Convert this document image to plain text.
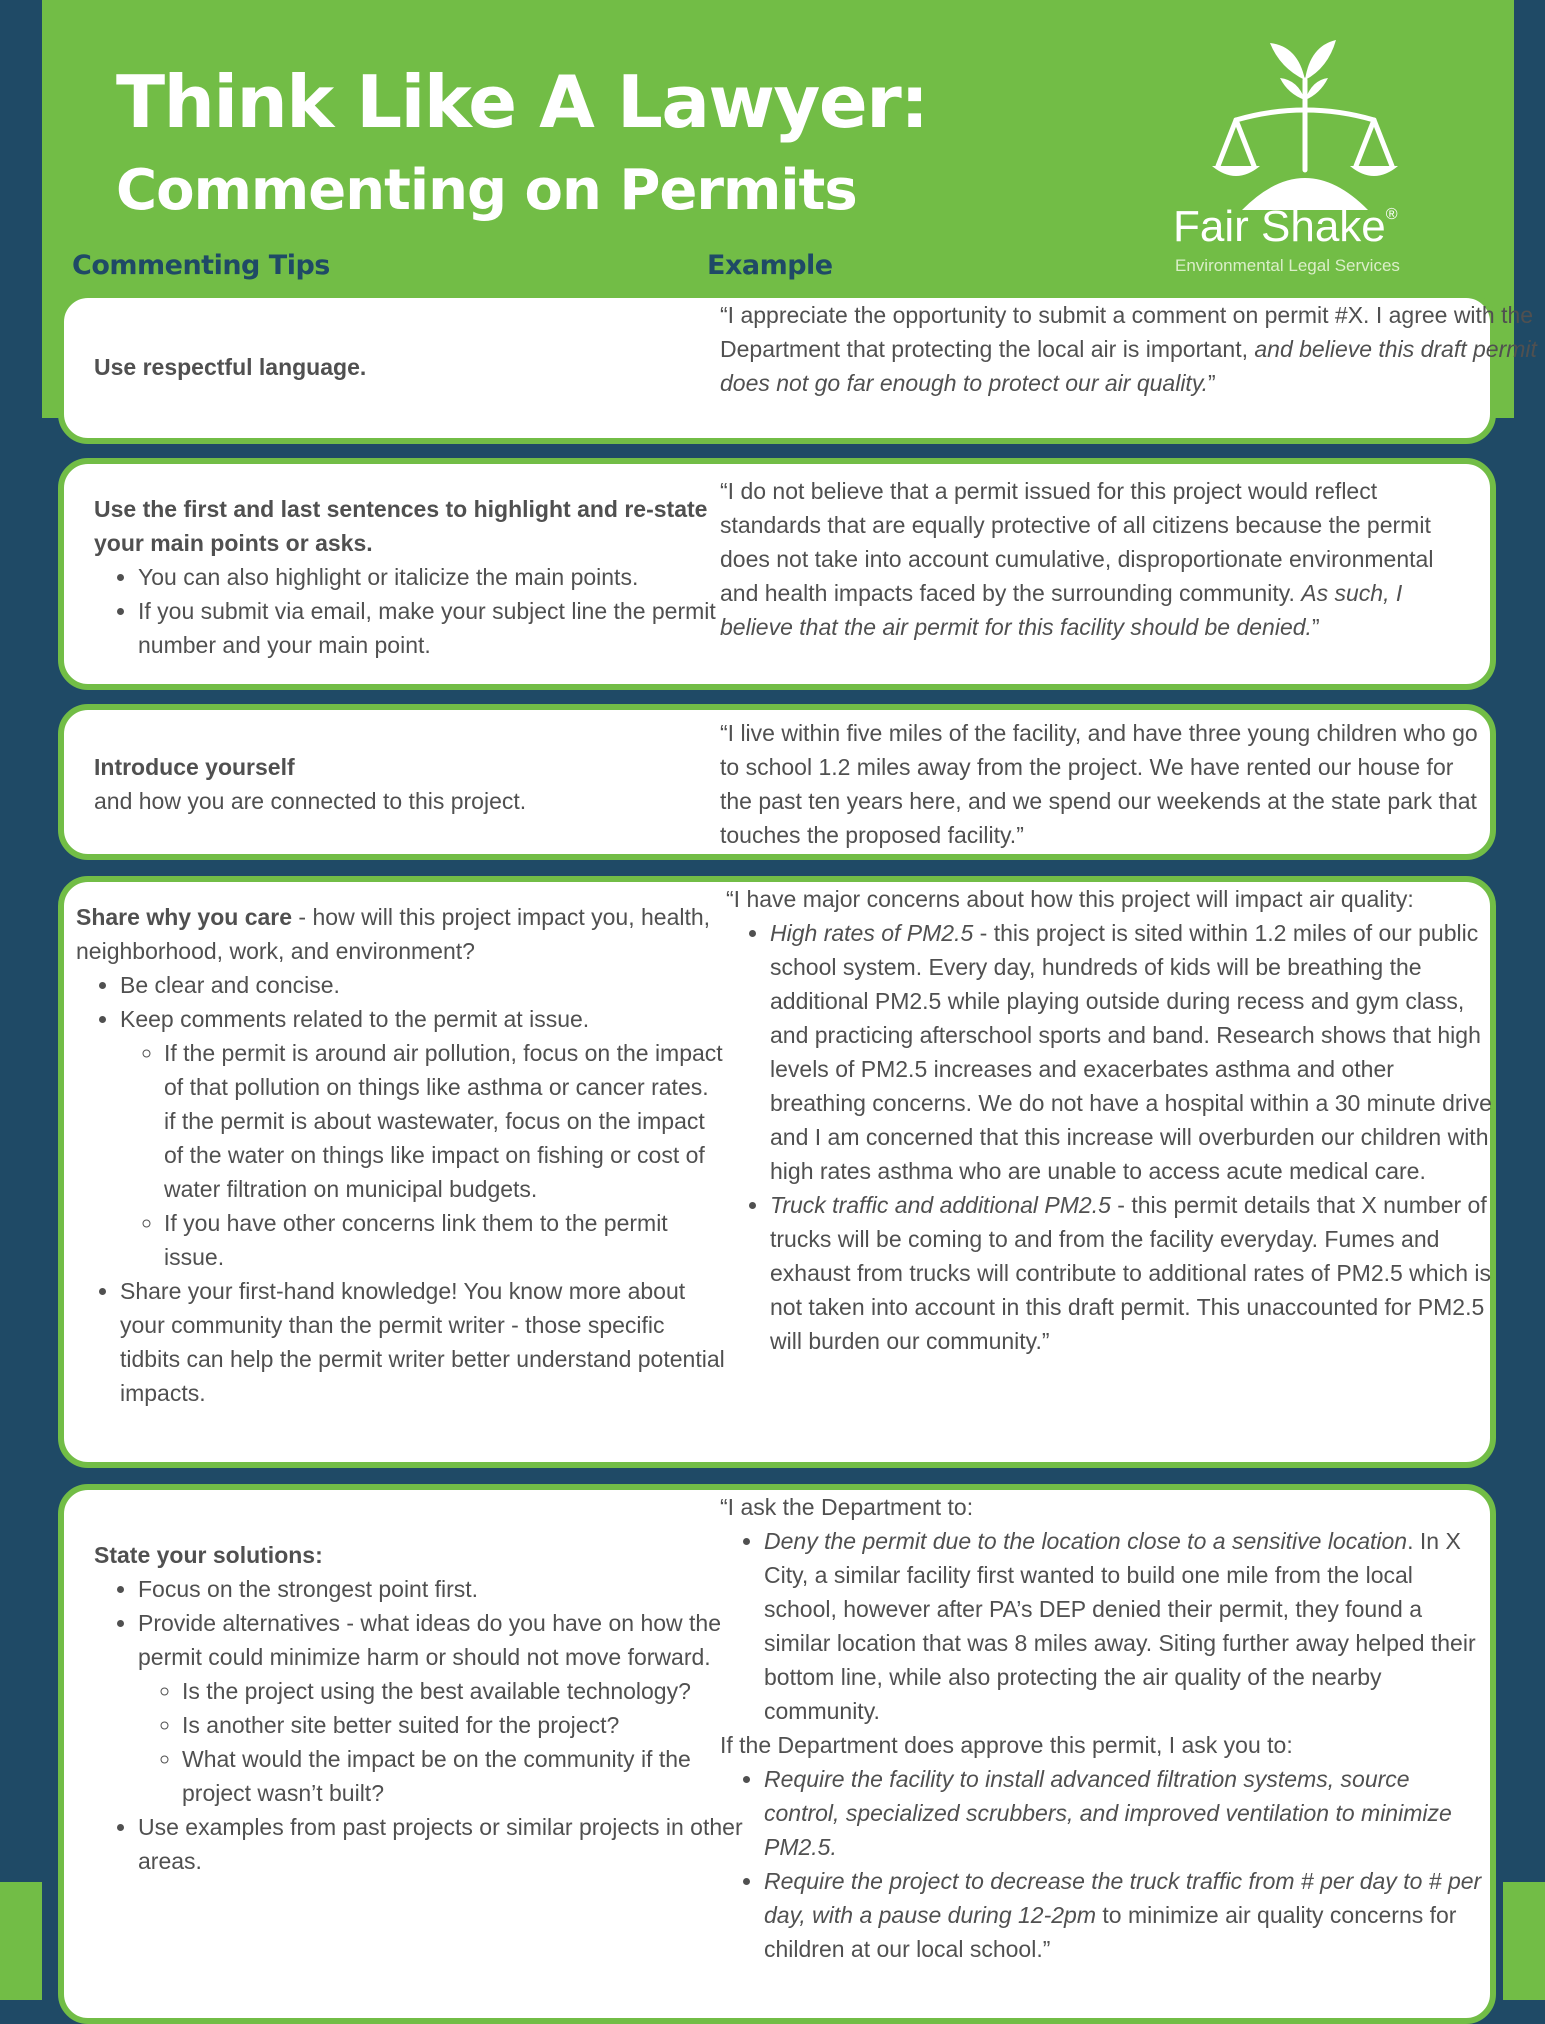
Think Like A Lawyer:
Commenting on Permits
Fair Shake®
Environmental Legal Services
Commenting Tips	Example

Use respectful language.

“I appreciate the opportunity to submit a comment on permit #X. I agree with the Department that protecting the local air is important, and believe this draft permit does not go far enough to protect our air quality.”

Use the first and last sentences to highlight and re-state your main points or asks.

• You can also highlight or italicize the main points.
• If you submit via email, make your subject line the permit number and your main point.

“I do not believe that a permit issued for this project would reflect standards that are equally protective of all citizens because the permit does not take into account cumulative, disproportionate environmental and health impacts faced by the surrounding community. As such, I believe that the air permit for this facility should be denied.”

Introduce yourself

and how you are connected to this project.

“I live within five miles of the facility, and have three young children who go to school 1.2 miles away from the project. We have rented our house for the past ten years here, and we spend our weekends at the state park that touches the proposed facility.”

Share why you care - how will this project impact you, health, neighborhood, work, and environment?

• Be clear and concise.
• Keep comments related to the permit at issue.
◦ If the permit is around air pollution, focus on the impact of that pollution on things like asthma or cancer rates. if the permit is about wastewater, focus on the impact of the water on things like impact on fishing or cost of water filtration on municipal budgets.
◦ If you have other concerns link them to the permit issue.
• Share your first-hand knowledge! You know more about your community than the permit writer - those specific tidbits can help the permit writer better understand potential impacts.

“I have major concerns about how this project will impact air quality:

• High rates of PM2.5 - this project is sited within 1.2 miles of our public school system. Every day, hundreds of kids will be breathing the additional PM2.5 while playing outside during recess and gym class, and practicing afterschool sports and band. Research shows that high levels of PM2.5 increases and exacerbates asthma and other breathing concerns. We do not have a hospital within a 30 minute drive and I am concerned that this increase will overburden our children with high rates asthma who are unable to access acute medical care.
• Truck traffic and additional PM2.5 - this permit details that X number of trucks will be coming to and from the facility everyday. Fumes and exhaust from trucks will contribute to additional rates of PM2.5 which is not taken into account in this draft permit. This unaccounted for PM2.5 will burden our community.”

State your solutions:

• Focus on the strongest point first.
• Provide alternatives - what ideas do you have on how the permit could minimize harm or should not move forward.
◦ Is the project using the best available technology?
◦ Is another site better suited for the project?
◦ What would the impact be on the community if the project wasn’t built?
• Use examples from past projects or similar projects in other areas.

“I ask the Department to:

• Deny the permit due to the location close to a sensitive location. In X City, a similar facility first wanted to build one mile from the local school, however after PA’s DEP denied their permit, they found a similar location that was 8 miles away. Siting further away helped their bottom line, while also protecting the air quality of the nearby community.

If the Department does approve this permit, I ask you to:

• Require the facility to install advanced filtration systems, source control, specialized scrubbers, and improved ventilation to minimize PM2.5.
• Require the project to decrease the truck traffic from # per day to # per day, with a pause during 12-2pm to minimize air quality concerns for children at our local school.”
